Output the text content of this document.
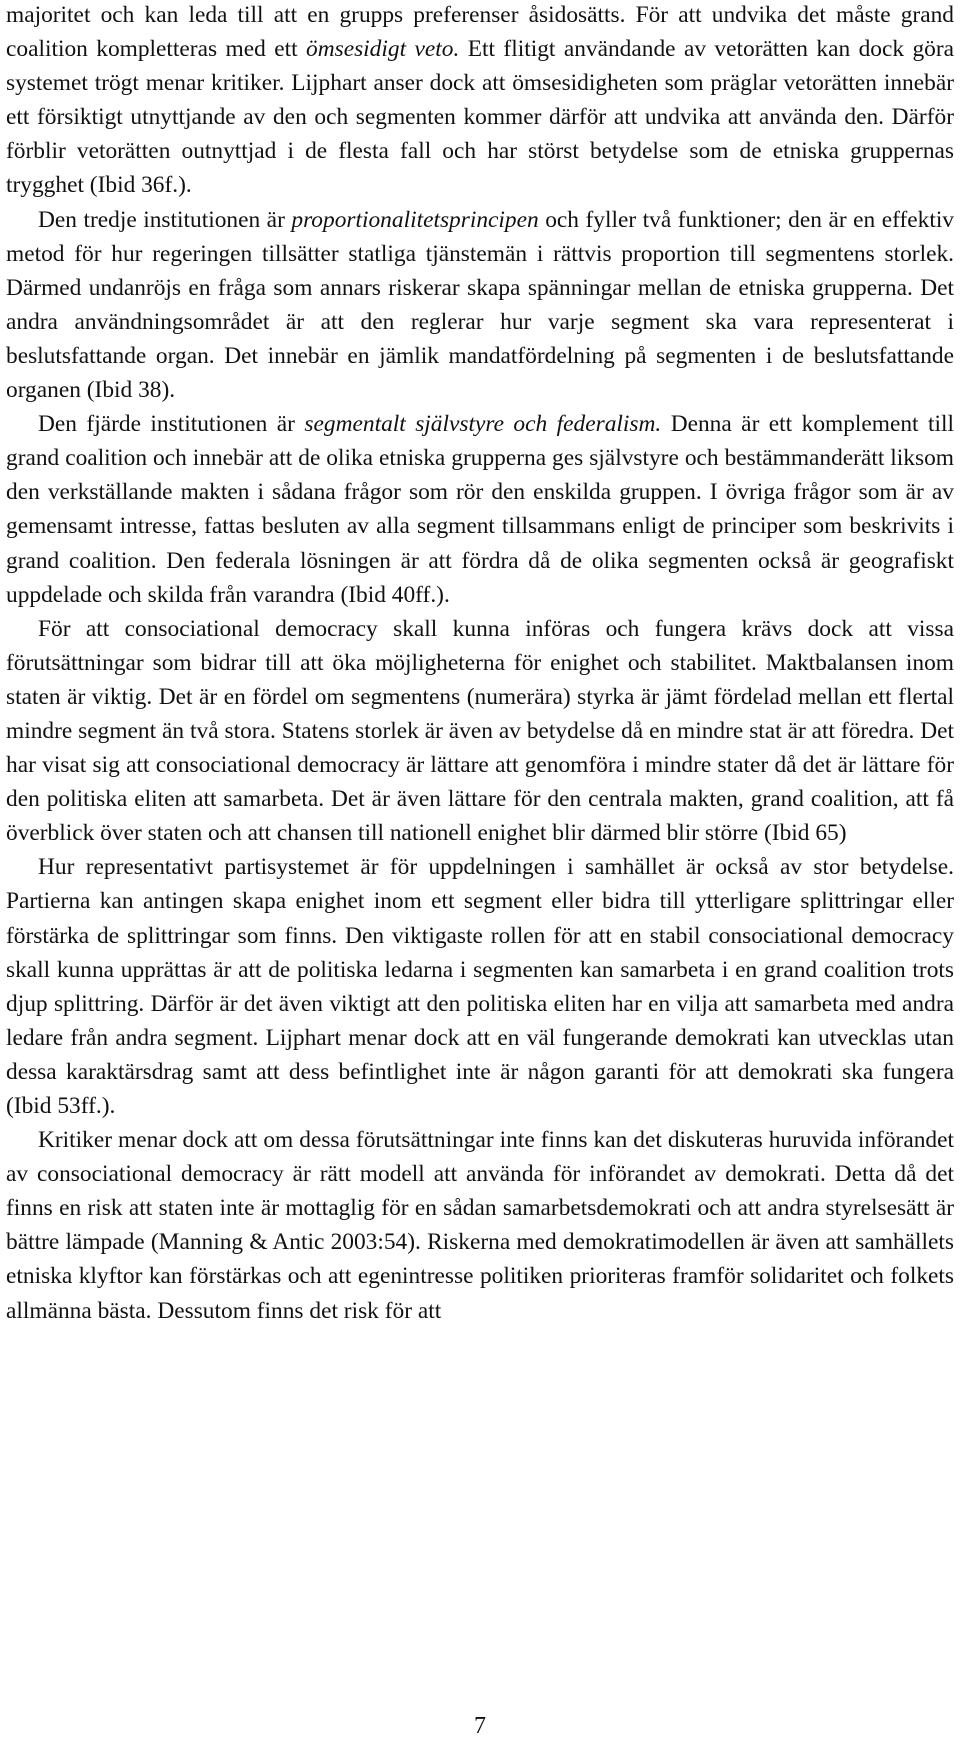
majoritet och kan leda till att en grupps preferenser åsidosätts. För att undvika det måste grand coalition kompletteras med ett ömsesidigt veto. Ett flitigt användande av vetorätten kan dock göra systemet trögt menar kritiker. Lijphart anser dock att ömsesidigheten som präglar vetorätten innebär ett försiktigt utnyttjande av den och segmenten kommer därför att undvika att använda den. Därför förblir vetorätten outnyttjad i de flesta fall och har störst betydelse som de etniska gruppernas trygghet (Ibid 36f.).

Den tredje institutionen är proportionalitetsprincipen och fyller två funktioner; den är en effektiv metod för hur regeringen tillsätter statliga tjänstemän i rättvis proportion till segmentens storlek. Därmed undanröjs en fråga som annars riskerar skapa spänningar mellan de etniska grupperna. Det andra användningsområdet är att den reglerar hur varje segment ska vara representerat i beslutsfattande organ. Det innebär en jämlik mandatfördelning på segmenten i de beslutsfattande organen (Ibid 38).

Den fjärde institutionen är segmentalt självstyre och federalism. Denna är ett komplement till grand coalition och innebär att de olika etniska grupperna ges självstyre och bestämmanderätt liksom den verkställande makten i sådana frågor som rör den enskilda gruppen. I övriga frågor som är av gemensamt intresse, fattas besluten av alla segment tillsammans enligt de principer som beskrivits i grand coalition. Den federala lösningen är att fördra då de olika segmenten också är geografiskt uppdelade och skilda från varandra (Ibid 40ff.).

För att consociational democracy skall kunna införas och fungera krävs dock att vissa förutsättningar som bidrar till att öka möjligheterna för enighet och stabilitet. Maktbalansen inom staten är viktig. Det är en fördel om segmentens (numerära) styrka är jämt fördelad mellan ett flertal mindre segment än två stora. Statens storlek är även av betydelse då en mindre stat är att föredra. Det har visat sig att consociational democracy är lättare att genomföra i mindre stater då det är lättare för den politiska eliten att samarbeta. Det är även lättare för den centrala makten, grand coalition, att få överblick över staten och att chansen till nationell enighet blir därmed blir större (Ibid 65)

Hur representativt partisystemet är för uppdelningen i samhället är också av stor betydelse. Partierna kan antingen skapa enighet inom ett segment eller bidra till ytterligare splittringar eller förstärka de splittringar som finns. Den viktigaste rollen för att en stabil consociational democracy skall kunna upprättas är att de politiska ledarna i segmenten kan samarbeta i en grand coalition trots djup splittring. Därför är det även viktigt att den politiska eliten har en vilja att samarbeta med andra ledare från andra segment. Lijphart menar dock att en väl fungerande demokrati kan utvecklas utan dessa karaktärsdrag samt att dess befintlighet inte är någon garanti för att demokrati ska fungera (Ibid 53ff.).

Kritiker menar dock att om dessa förutsättningar inte finns kan det diskuteras huruvida införandet av consociational democracy är rätt modell att använda för införandet av demokrati. Detta då det finns en risk att staten inte är mottaglig för en sådan samarbetsdemokrati och att andra styrelsesätt är bättre lämpade (Manning & Antic 2003:54). Riskerna med demokratimodellen är även att samhällets etniska klyftor kan förstärkas och att egenintresse politiken prioriteras framför solidaritet och folkets allmänna bästa. Dessutom finns det risk för att

7
